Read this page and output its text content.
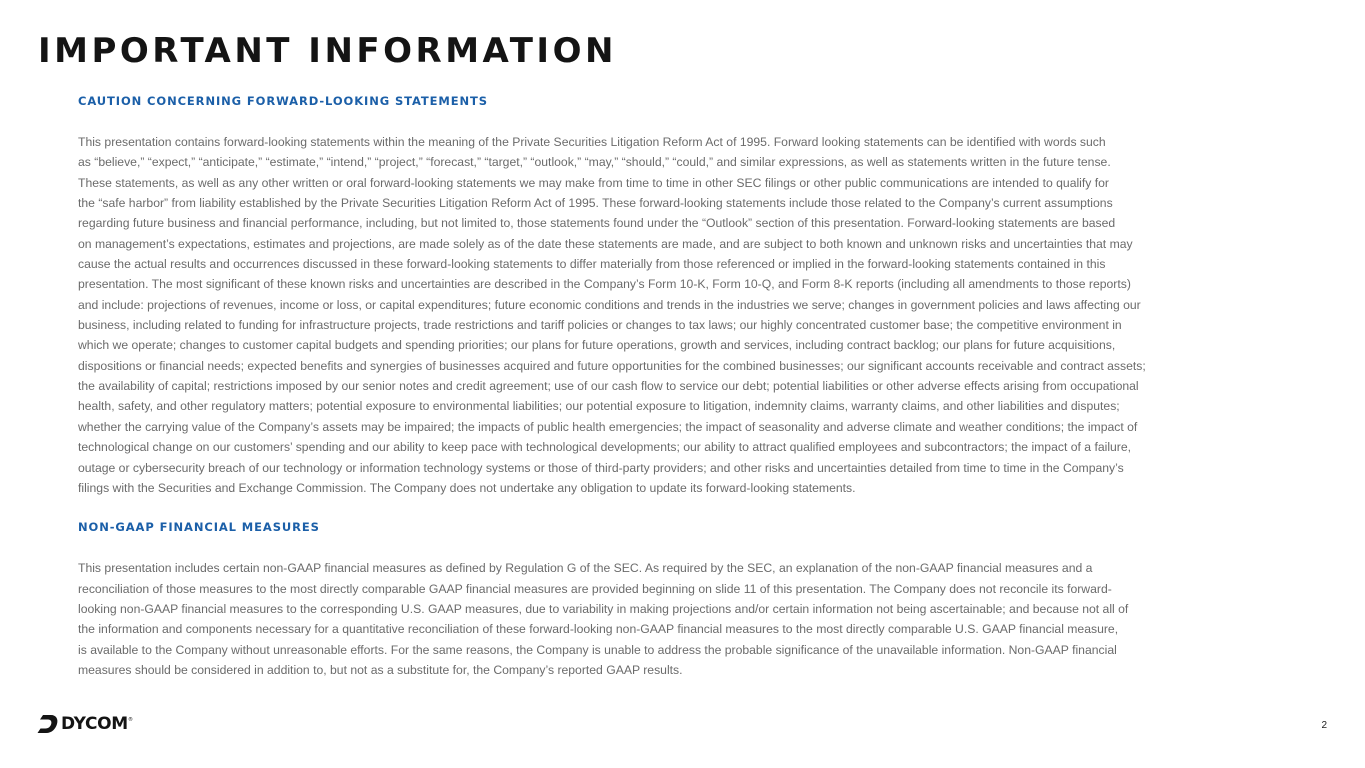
IMPORTANT INFORMATION
CAUTION CONCERNING FORWARD-LOOKING STATEMENTS

This presentation contains forward-looking statements within the meaning of the Private Securities Litigation Reform Act of 1995. Forward looking statements can be identified with words such
as “believe,” “expect,” “anticipate,” “estimate,” “intend,” “project,” “forecast,” “target,” “outlook,” “may,” “should,” “could,” and similar expressions, as well as statements written in the future tense.
These statements, as well as any other written or oral forward-looking statements we may make from time to time in other SEC filings or other public communications are intended to qualify for
the “safe harbor” from liability established by the Private Securities Litigation Reform Act of 1995. These forward-looking statements include those related to the Company’s current assumptions
regarding future business and financial performance, including, but not limited to, those statements found under the “Outlook” section of this presentation. Forward-looking statements are based
on management’s expectations, estimates and projections, are made solely as of the date these statements are made, and are subject to both known and unknown risks and uncertainties that may
cause the actual results and occurrences discussed in these forward-looking statements to differ materially from those referenced or implied in the forward-looking statements contained in this
presentation. The most significant of these known risks and uncertainties are described in the Company’s Form 10-K, Form 10-Q, and Form 8-K reports (including all amendments to those reports)
and include: projections of revenues, income or loss, or capital expenditures; future economic conditions and trends in the industries we serve; changes in government policies and laws affecting our
business, including related to funding for infrastructure projects, trade restrictions and tariff policies or changes to tax laws; our highly concentrated customer base; the competitive environment in
which we operate; changes to customer capital budgets and spending priorities; our plans for future operations, growth and services, including contract backlog; our plans for future acquisitions,
dispositions or financial needs; expected benefits and synergies of businesses acquired and future opportunities for the combined businesses; our significant accounts receivable and contract assets;
the availability of capital; restrictions imposed by our senior notes and credit agreement; use of our cash flow to service our debt; potential liabilities or other adverse effects arising from occupational
health, safety, and other regulatory matters; potential exposure to environmental liabilities; our potential exposure to litigation, indemnity claims, warranty claims, and other liabilities and disputes;
whether the carrying value of the Company’s assets may be impaired; the impacts of public health emergencies; the impact of seasonality and adverse climate and weather conditions; the impact of
technological change on our customers’ spending and our ability to keep pace with technological developments; our ability to attract qualified employees and subcontractors; the impact of a failure,
outage or cybersecurity breach of our technology or information technology systems or those of third-party providers; and other risks and uncertainties detailed from time to time in the Company’s
filings with the Securities and Exchange Commission. The Company does not undertake any obligation to update its forward-looking statements.

NON-GAAP FINANCIAL MEASURES

This presentation includes certain non-GAAP financial measures as defined by Regulation G of the SEC. As required by the SEC, an explanation of the non-GAAP financial measures and a
reconciliation of those measures to the most directly comparable GAAP financial measures are provided beginning on slide 11 of this presentation. The Company does not reconcile its forward-
looking non-GAAP financial measures to the corresponding U.S. GAAP measures, due to variability in making projections and/or certain information not being ascertainable; and because not all of
the information and components necessary for a quantitative reconciliation of these forward-looking non-GAAP financial measures to the most directly comparable U.S. GAAP financial measure,
is available to the Company without unreasonable efforts. For the same reasons, the Company is unable to address the probable significance of the unavailable information. Non-GAAP financial
measures should be considered in addition to, but not as a substitute for, the Company’s reported GAAP results.

DYCOM ®	2
